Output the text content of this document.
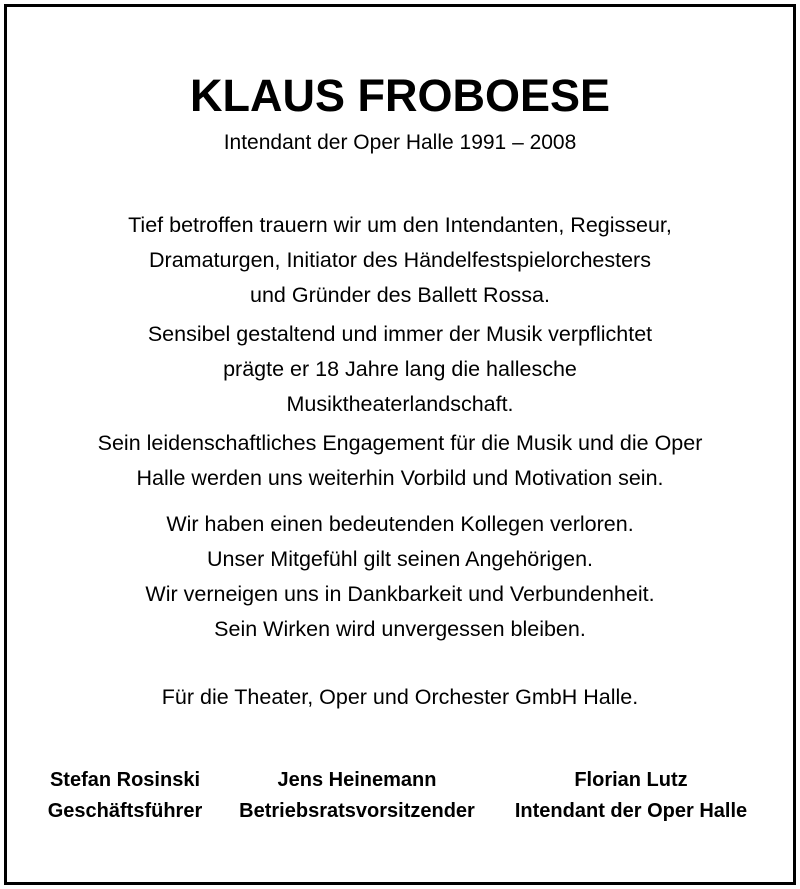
KLAUS FROBOESE
Intendant der Oper Halle 1991 – 2008
Tief betroffen trauern wir um den Intendanten, Regisseur,
Dramaturgen, Initiator des Händelfestspielorchesters
und Gründer des Ballett Rossa.
Sensibel gestaltend und immer der Musik verpflichtet
prägte er 18 Jahre lang die hallesche
Musiktheaterlandschaft.
Sein leidenschaftliches Engagement für die Musik und die Oper
Halle werden uns weiterhin Vorbild und Motivation sein.
Wir haben einen bedeutenden Kollegen verloren.
Unser Mitgefühl gilt seinen Angehörigen.
Wir verneigen uns in Dankbarkeit und Verbundenheit.
Sein Wirken wird unvergessen bleiben.
Für die Theater, Oper und Orchester GmbH Halle.
Stefan Rosinski
Geschäftsführer
Jens Heinemann
Betriebsratsvorsitzender
Florian Lutz
Intendant der Oper Halle
